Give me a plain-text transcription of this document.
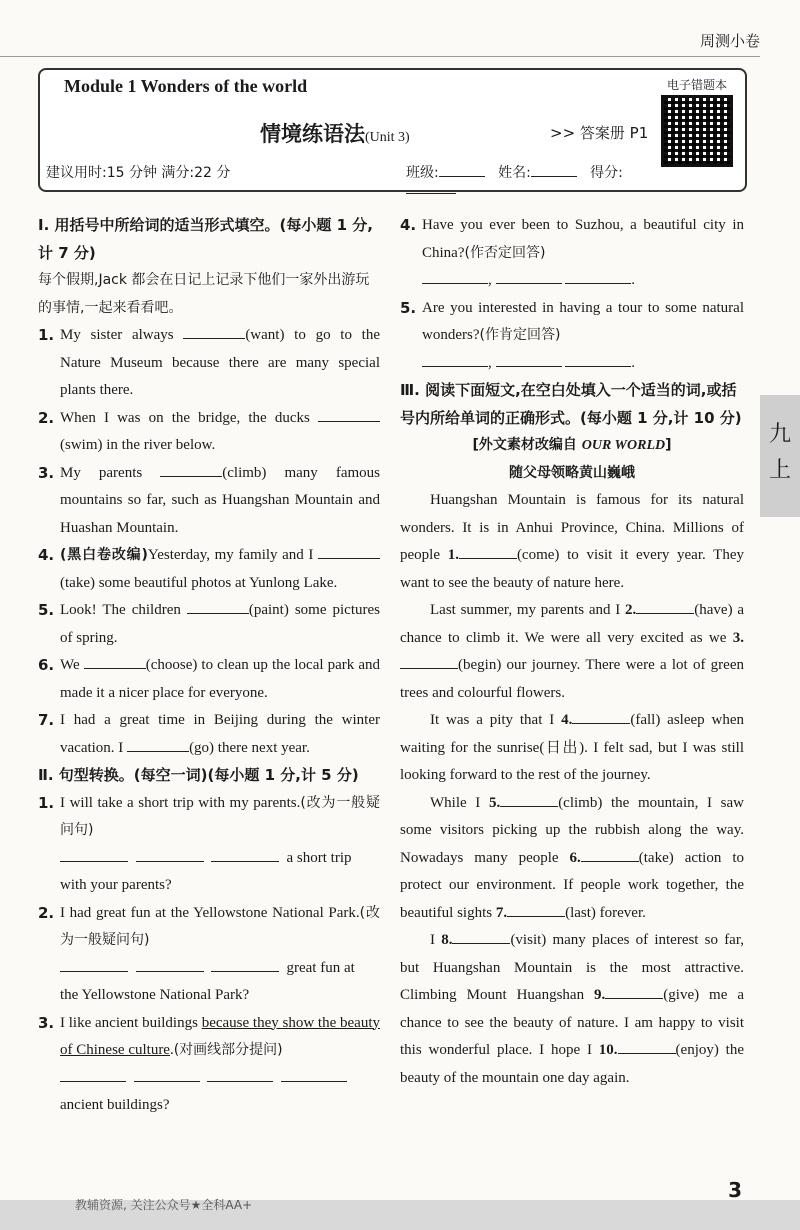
周测小卷
Module 1 Wonders of the world
情境练语法(Unit 3)	>> 答案册 P1
建议用时:15 分钟 满分:22 分	班级:	姓名:	得分:
电子错题本
Ⅰ. 用括号中所给词的适当形式填空。(每小题 1 分,计 7 分)
每个假期,Jack 都会在日记上记录下他们一家外出游玩的事情,一起来看看吧。
1. My sister always	(want) to go to the Nature Museum because there are many special plants there.
2. When I was on the bridge, the ducks (swim) in the river below.
3. My parents	(climb) many famous mountains so far, such as Huangshan Mountain and Huashan Mountain.
4. (黑白卷改编)Yesterday, my family and I (take) some beautiful photos at Yunlong Lake.
5. Look! The children	(paint) some pictures of spring.
6. We	(choose) to clean up the local park and made it a nicer place for everyone.
7. I had a great time in Beijing during the winter vacation. I	(go) there next year.
Ⅱ. 句型转换。(每空一词)(每小题 1 分,计 5 分)
1. I will take a short trip with my parents.(改为一般疑问句)
a short trip
with your parents?
2. I had great fun at the Yellowstone National Park.(改为一般疑问句)
great fun at
the Yellowstone National Park?
3. I like ancient buildings because they show the beauty of Chinese culture.(对画线部分提问)

ancient buildings?
4. Have you ever been to Suzhou, a beautiful city in China?(作否定回答)
,	.
5. Are you interested in having a tour to some natural wonders?(作肯定回答)
,	.
Ⅲ. 阅读下面短文,在空白处填入一个适当的词,或括号内所给单词的正确形式。(每小题 1 分,计 10 分)
[外文素材改编自 OUR WORLD]
随父母领略黄山巍峨

Huangshan Mountain is famous for its natural wonders. It is in Anhui Province, China. Millions of people 1.	(come) to visit it every year. They want to see the beauty of nature here.

Last summer, my parents and I 2.	(have) a chance to climb it. We were all very excited as we 3.(begin) our journey. There were a lot of green trees and colourful flowers.

It was a pity that I 4.	(fall) asleep when waiting for the sunrise(日出). I felt sad, but I was still looking forward to the rest of the journey.

While I 5.	(climb) the mountain, I saw some visitors picking up the rubbish along the way. Nowadays many people 6.	(take) action to protect our environment. If people work together, the beautiful sights 7.	(last) forever.

I 8.	(visit) many places of interest so far, but Huangshan Mountain is the most attractive. Climbing Mount Huangshan 9.	(give) me a chance to see the beauty of nature. I am happy to visit this wonderful place. I hope I 10.	(enjoy) the beauty of the mountain one day again.

九
上
教辅资源, 关注公众号★全科AA+
3
